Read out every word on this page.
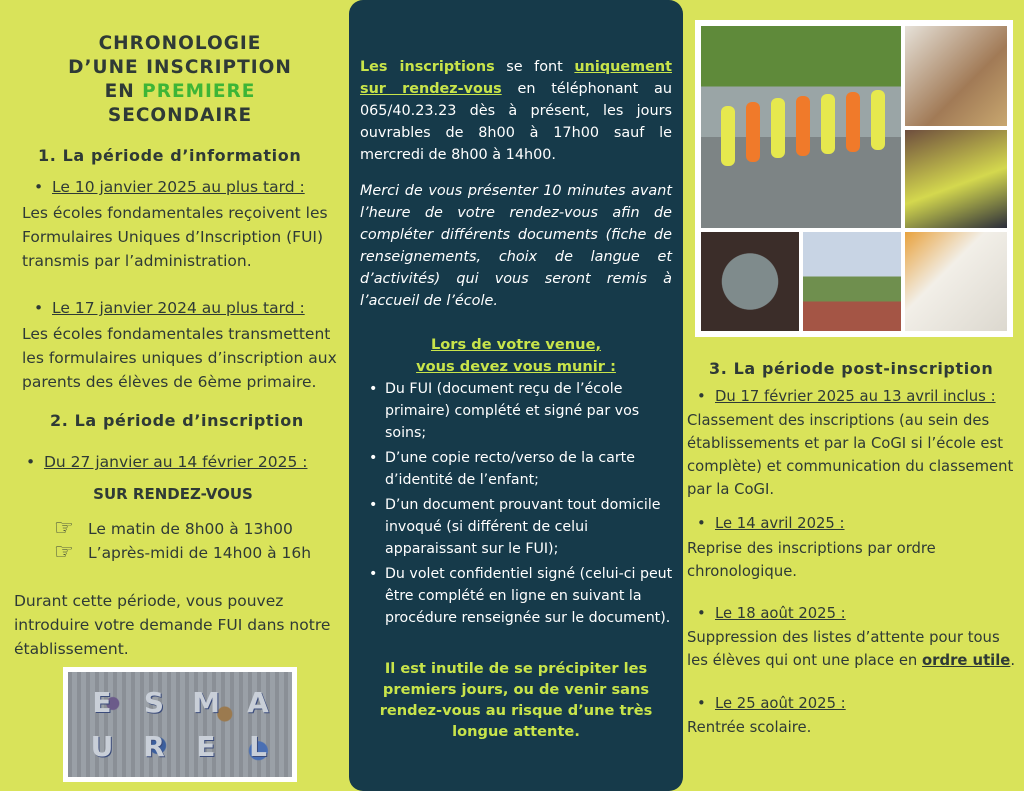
CHRONOLOGIE
D’UNE INSCRIPTION
EN PREMIERE
SECONDAIRE
1. La période d’information
• Le 10 janvier 2025 au plus tard :
Les écoles fondamentales reçoivent les Formulaires Uniques d’Inscription (FUI) transmis par l’administration.
• Le 17 janvier 2024 au plus tard :
Les écoles fondamentales transmettent les formulaires uniques d’inscription aux parents des élèves de 6ème primaire.
2. La période d’inscription
• Du 27 janvier au 14 février 2025 :
SUR RENDEZ-VOUS
☞ Le matin de 8h00 à 13h00
☞ L’après-midi de 14h00 à 16h
Durant cette période, vous pouvez introduire votre demande FUI dans notre établissement.
E	S M A
U	R	E	L
Les inscriptions se font uniquement sur rendez-vous en téléphonant au 065/40.23.23 dès à présent, les jours ouvrables de 8h00 à 17h00 sauf le mercredi de 8h00 à 14h00.
Merci de vous présenter 10 minutes avant l’heure de votre rendez-vous afin de compléter différents documents (fiche de renseignements, choix de langue et d’activités) qui vous seront remis à l’accueil de l’école.
Lors de votre venue,
vous devez vous munir :
• Du FUI (document reçu de l’école primaire) complété et signé par vos soins;
• D’une copie recto/verso de la carte d’identité de l’enfant;
• D’un document prouvant tout domicile invoqué (si différent de celui apparaissant sur le FUI);
• Du volet confidentiel signé (celui-ci peut être complété en ligne en suivant la procédure renseignée sur le document).
Il est inutile de se précipiter les premiers jours, ou de venir sans rendez-vous au risque d’une très longue attente.
3. La période post-inscription
• Du 17 février 2025 au 13 avril inclus :
Classement des inscriptions (au sein des établissements et par la CoGI si l’école est complète) et communication du classement par la CoGI.
• Le 14 avril 2025 :
Reprise des inscriptions par ordre chronologique.
• Le 18 août 2025 :
Suppression des listes d’attente pour tous les élèves qui ont une place en ordre utile.
• Le 25 août 2025 :
Rentrée scolaire.
